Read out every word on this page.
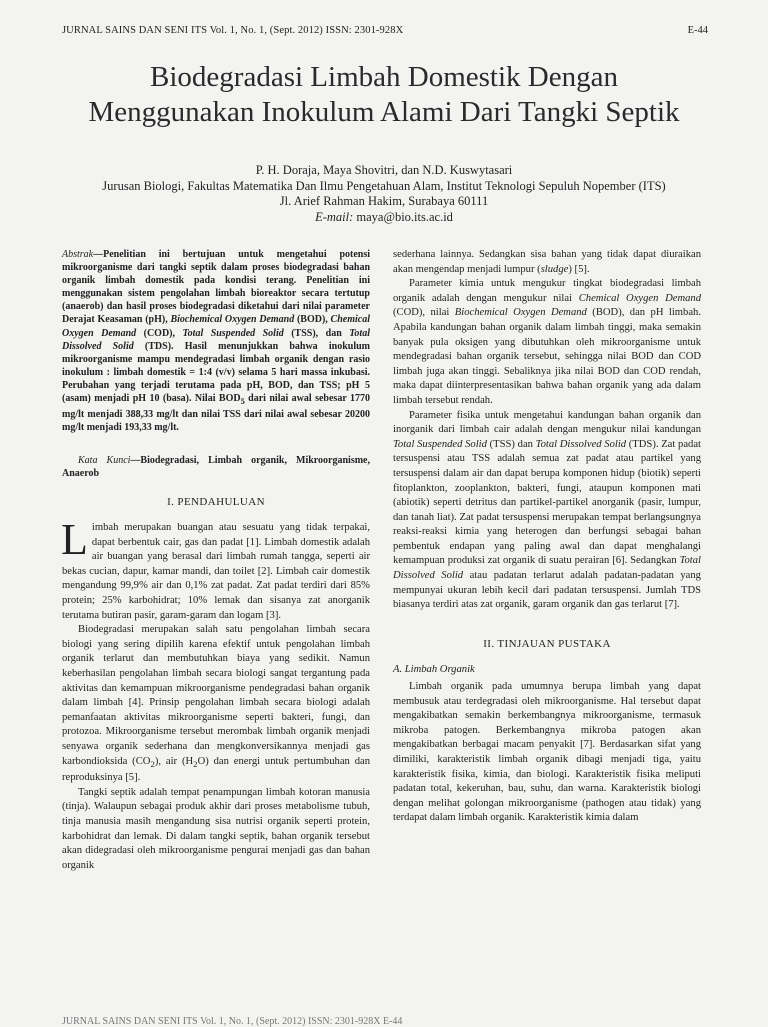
JURNAL SAINS DAN SENI ITS Vol. 1, No. 1, (Sept. 2012) ISSN: 2301-928X	E-44
Biodegradasi Limbah Domestik Dengan
Menggunakan Inokulum Alami Dari Tangki Septik
P. H. Doraja, Maya Shovitri, dan N.D. Kuswytasari
Jurusan Biologi, Fakultas Matematika Dan Ilmu Pengetahuan Alam, Institut Teknologi Sepuluh Nopember (ITS)
Jl. Arief Rahman Hakim, Surabaya 60111
E-mail: maya@bio.its.ac.id

Abstrak—Penelitian ini bertujuan untuk mengetahui potensi mikroorganisme dari tangki septik dalam proses biodegradasi bahan organik limbah domestik pada kondisi terang. Penelitian ini menggunakan sistem pengolahan limbah bioreaktor secara tertutup (anaerob) dan hasil proses biodegradasi diketahui dari nilai parameter Derajat Keasaman (pH), Biochemical Oxygen Demand (BOD), Chemical Oxygen Demand (COD), Total Suspended Solid (TSS), dan Total Dissolved Solid (TDS). Hasil menunjukkan bahwa inokulum mikroorganisme mampu mendegradasi limbah organik dengan rasio inokulum : limbah domestik = 1:4 (v/v) selama 5 hari massa inkubasi. Perubahan yang terjadi terutama pada pH, BOD, dan TSS; pH 5 (asam) menjadi pH 10 (basa). Nilai $BOD_5$ dari nilai awal sebesar 1770 mg/lt menjadi 388,33 mg/lt dan nilai TSS dari nilai awal sebesar 20200 mg/lt menjadi 193,33 mg/lt.

Kata Kunci—Biodegradasi, Limbah organik, Mikroorganisme, Anaerob

I. PENDAHULUAN

Limbah merupakan buangan atau sesuatu yang tidak terpakai, dapat berbentuk cair, gas dan padat [1]. Limbah domestik adalah air buangan yang berasal dari limbah rumah tangga, seperti air bekas cucian, dapur, kamar mandi, dan toilet [2]. Limbah cair domestik mengandung 99,9% air dan 0,1% zat padat. Zat padat terdiri dari 85% protein; 25% karbohidrat; 10% lemak dan sisanya zat anorganik terutama butiran pasir, garam-garam dan logam [3].

Biodegradasi merupakan salah satu pengolahan limbah secara biologi yang sering dipilih karena efektif untuk pengolahan limbah organik terlarut dan membutuhkan biaya yang sedikit. Namun keberhasilan pengolahan limbah secara biologi sangat tergantung pada aktivitas dan kemampuan mikroorganisme pendegradasi bahan organik dalam limbah [4]. Prinsip pengolahan limbah secara biologi adalah pemanfaatan aktivitas mikroorganisme seperti bakteri, fungi, dan protozoa. Mikroorganisme tersebut merombak limbah organik menjadi senyawa organik sederhana dan mengkonversikannya menjadi gas karbondioksida $(CO_2)$, air $(H_2O)$ dan energi untuk pertumbuhan dan reproduksinya [5].

Tangki septik adalah tempat penampungan limbah kotoran manusia (tinja). Walaupun sebagai produk akhir dari proses metabolisme tubuh, tinja manusia masih mengandung sisa nutrisi organik seperti protein, karbohidrat dan lemak. Di dalam tangki septik, bahan organik tersebut akan didegradasi oleh mikroorganisme pengurai menjadi gas dan bahan organik

sederhana lainnya. Sedangkan sisa bahan yang tidak dapat diuraikan akan mengendap menjadi lumpur (sludge) [5].

Parameter kimia untuk mengukur tingkat biodegradasi limbah organik adalah dengan mengukur nilai Chemical Oxygen Demand (COD), nilai Biochemical Oxygen Demand (BOD), dan pH limbah. Apabila kandungan bahan organik dalam limbah tinggi, maka semakin banyak pula oksigen yang dibutuhkan oleh mikroorganisme untuk mendegradasi bahan organik tersebut, sehingga nilai BOD dan COD limbah juga akan tinggi. Sebaliknya jika nilai BOD dan COD rendah, maka dapat diinterpresentasikan bahwa bahan organik yang ada dalam limbah tersebut rendah.

Parameter fisika untuk mengetahui kandungan bahan organik dan inorganik dari limbah cair adalah dengan mengukur nilai kandungan Total Suspended Solid (TSS) dan Total Dissolved Solid (TDS). Zat padat tersuspensi atau TSS adalah semua zat padat atau partikel yang tersuspensi dalam air dan dapat berupa komponen hidup (biotik) seperti fitoplankton, zooplankton, bakteri, fungi, ataupun komponen mati (abiotik) seperti detritus dan partikel-partikel anorganik (pasir, lumpur, dan tanah liat). Zat padat tersuspensi merupakan tempat berlangsungnya reaksi-reaksi kimia yang heterogen dan berfungsi sebagai bahan pembentuk endapan yang paling awal dan dapat menghalangi kemampuan produksi zat organik di suatu perairan [6]. Sedangkan Total Dissolved Solid atau padatan terlarut adalah padatan-padatan yang mempunyai ukuran lebih kecil dari padatan tersuspensi. Jumlah TDS biasanya terdiri atas zat organik, garam organik dan gas terlarut [7].

II. TINJAUAN PUSTAKA

A. Limbah Organik

Limbah organik pada umumnya berupa limbah yang dapat membusuk atau terdegradasi oleh mikroorganisme. Hal tersebut dapat mengakibatkan semakin berkembangnya mikroorganisme, termasuk mikroba patogen. Berkembangnya mikroba patogen akan mengakibatkan berbagai macam penyakit [7]. Berdasarkan sifat yang dimiliki, karakteristik limbah organik dibagi menjadi tiga, yaitu karakteristik fisika, kimia, dan biologi. Karakteristik fisika meliputi padatan total, kekeruhan, bau, suhu, dan warna. Karakteristik biologi dengan melihat golongan mikroorganisme (pathogen atau tidak) yang terdapat dalam limbah organik. Karakteristik kimia dalam

JURNAL SAINS DAN SENI ITS Vol. 1, No. 1, (Sept. 2012) ISSN: 2301-928X E-44
